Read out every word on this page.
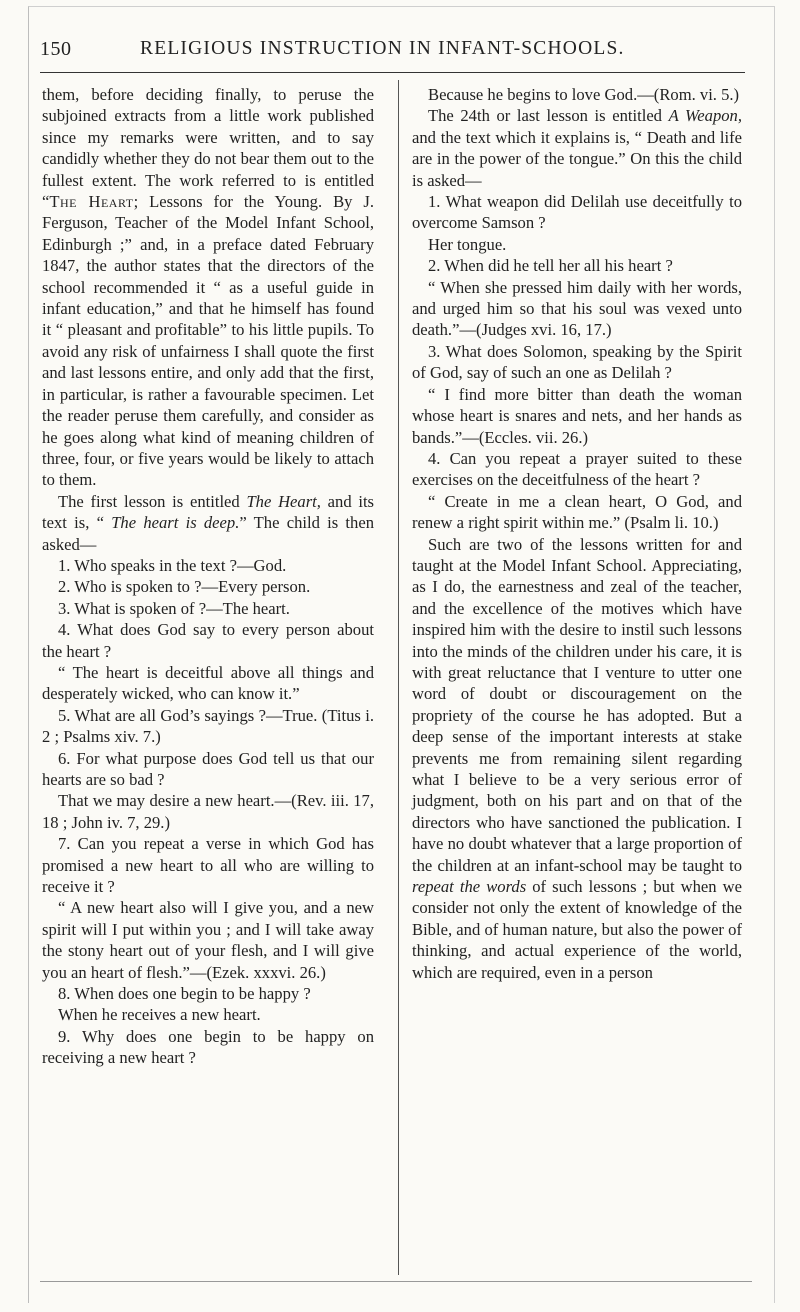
150	RELIGIOUS INSTRUCTION IN INFANT-SCHOOLS.

them, before deciding finally, to peruse the subjoined extracts from a little work published since my remarks were written, and to say candidly whether they do not bear them out to the fullest extent. The work referred to is entitled “The Heart; Lessons for the Young. By J. Ferguson, Teacher of the Model Infant School, Edinburgh ;” and, in a preface dated February 1847, the author states that the directors of the school recommended it “ as a useful guide in infant education,” and that he himself has found it “ pleasant and profitable” to his little pupils. To avoid any risk of unfairness I shall quote the first and last lessons entire, and only add that the first, in particular, is rather a favourable specimen. Let the reader peruse them carefully, and consider as he goes along what kind of meaning children of three, four, or five years would be likely to attach to them.

The first lesson is entitled The Heart, and its text is, “ The heart is deep.” The child is then asked—

1. Who speaks in the text ?—God.

2. Who is spoken to ?—Every person.

3. What is spoken of ?—The heart.

4. What does God say to every person about the heart ?

“ The heart is deceitful above all things and desperately wicked, who can know it.”

5. What are all God’s sayings ?—True. (Titus i. 2 ; Psalms xiv. 7.)

6. For what purpose does God tell us that our hearts are so bad ?

That we may desire a new heart.—(Rev. iii. 17, 18 ; John iv. 7, 29.)

7. Can you repeat a verse in which God has promised a new heart to all who are willing to receive it ?

“ A new heart also will I give you, and a new spirit will I put within you ; and I will take away the stony heart out of your flesh, and I will give you an heart of flesh.”—(Ezek. xxxvi. 26.)

8. When does one begin to be happy ?

When he receives a new heart.

9. Why does one begin to be happy on receiving a new heart ?

Because he begins to love God.—(Rom. vi. 5.)

The 24th or last lesson is entitled A Weapon, and the text which it explains is, “ Death and life are in the power of the tongue.” On this the child is asked—

1. What weapon did Delilah use deceitfully to overcome Samson ?

Her tongue.

2. When did he tell her all his heart ?

“ When she pressed him daily with her words, and urged him so that his soul was vexed unto death.”—(Judges xvi. 16, 17.)

3. What does Solomon, speaking by the Spirit of God, say of such an one as Delilah ?

“ I find more bitter than death the woman whose heart is snares and nets, and her hands as bands.”—(Eccles. vii. 26.)

4. Can you repeat a prayer suited to these exercises on the deceitfulness of the heart ?

“ Create in me a clean heart, O God, and renew a right spirit within me.” (Psalm li. 10.)

Such are two of the lessons written for and taught at the Model Infant School. Appreciating, as I do, the earnestness and zeal of the teacher, and the excellence of the motives which have inspired him with the desire to instil such lessons into the minds of the children under his care, it is with great reluctance that I venture to utter one word of doubt or discouragement on the propriety of the course he has adopted. But a deep sense of the important interests at stake prevents me from remaining silent regarding what I believe to be a very serious error of judgment, both on his part and on that of the directors who have sanctioned the publication. I have no doubt whatever that a large proportion of the children at an infant-school may be taught to repeat the words of such lessons ; but when we consider not only the extent of knowledge of the Bible, and of human nature, but also the power of thinking, and actual experience of the world, which are required, even in a person
